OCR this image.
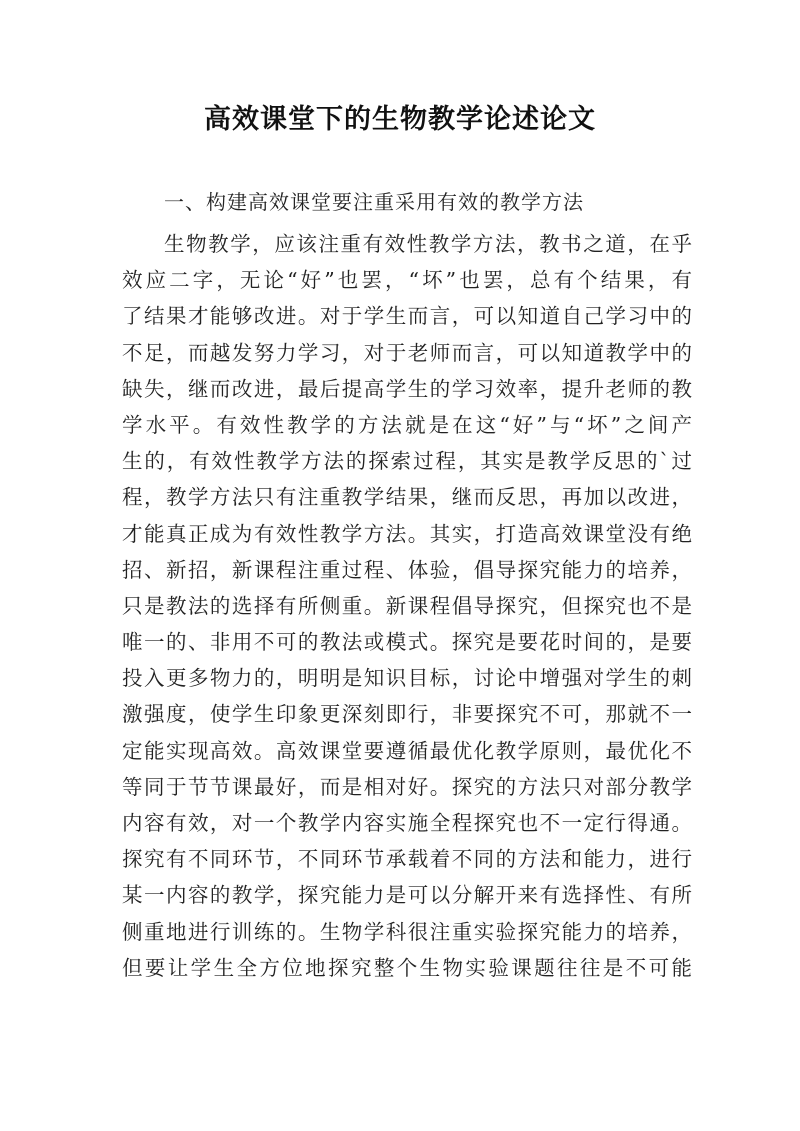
高效课堂下的生物教学论述论文
一、构建高效课堂要注重采用有效的教学方法
生物教学，应该注重有效性教学方法，教书之道，在乎
效应二字，无论“好”也罢，“坏”也罢，总有个结果，有
了结果才能够改进。对于学生而言，可以知道自己学习中的
不足，而越发努力学习，对于老师而言，可以知道教学中的
缺失，继而改进，最后提高学生的学习效率，提升老师的教
学水平。有效性教学的方法就是在这“好”与“坏”之间产
生的，有效性教学方法的探索过程，其实是教学反思的`过
程，教学方法只有注重教学结果，继而反思，再加以改进，
才能真正成为有效性教学方法。其实，打造高效课堂没有绝
招、新招，新课程注重过程、体验，倡导探究能力的培养，
只是教法的选择有所侧重。新课程倡导探究，但探究也不是
唯一的、非用不可的教法或模式。探究是要花时间的，是要
投入更多物力的，明明是知识目标，讨论中增强对学生的刺
激强度，使学生印象更深刻即行，非要探究不可，那就不一
定能实现高效。高效课堂要遵循最优化教学原则，最优化不
等同于节节课最好，而是相对好。探究的方法只对部分教学
内容有效，对一个教学内容实施全程探究也不一定行得通。
探究有不同环节，不同环节承载着不同的方法和能力，进行
某一内容的教学，探究能力是可以分解开来有选择性、有所
侧重地进行训练的。生物学科很注重实验探究能力的培养，
但要让学生全方位地探究整个生物实验课题往往是不可能
